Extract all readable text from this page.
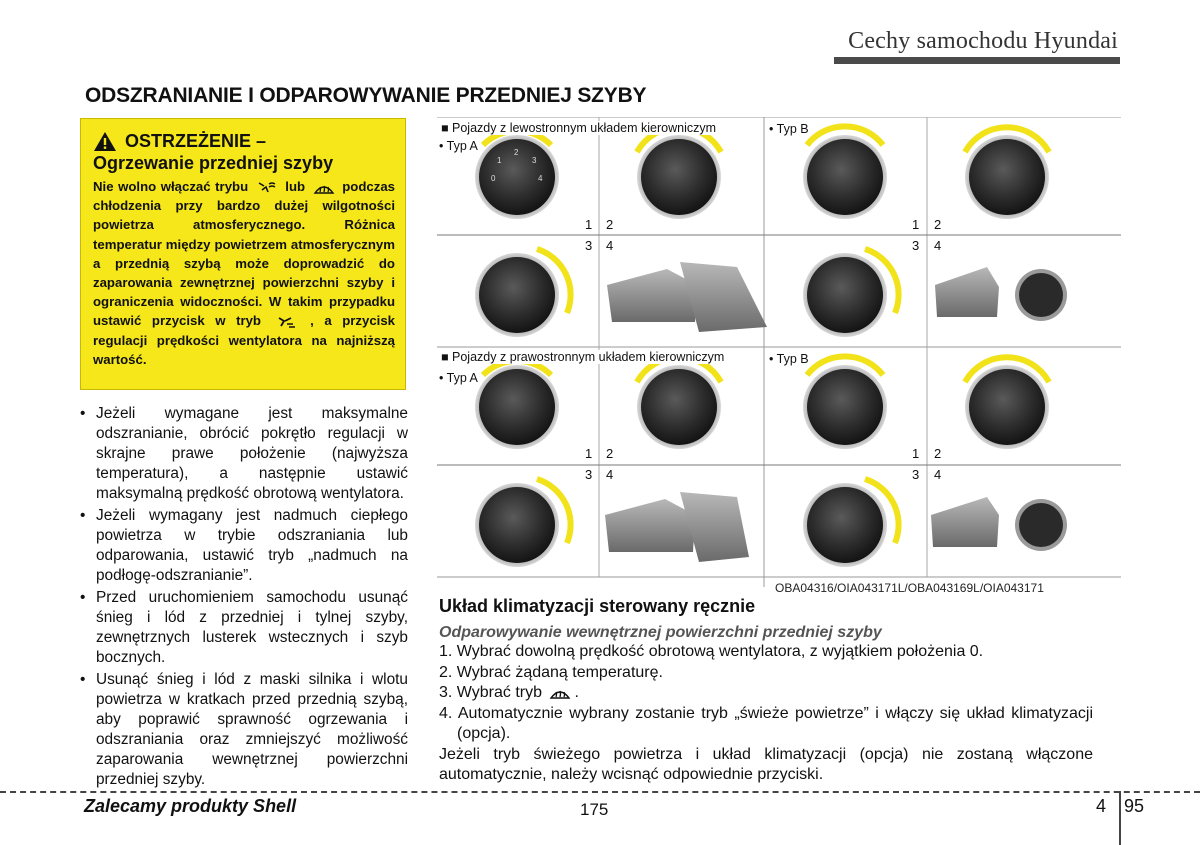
Cechy samochodu Hyundai
ODSZRANIANIE I ODPAROWYWANIE PRZEDNIEJ SZYBY
OSTRZEŻENIE –
Ogrzewanie przedniej szyby
Nie wolno włączać trybu	lub	podczas chłodzenia przy bardzo dużej wilgotności powietrza atmosferycznego. Różnica temperatur między powietrzem atmosferycznym a przednią szybą może doprowadzić do zaparowania zewnętrznej powierzchni szyby i ograniczenia widoczności. W takim przypadku ustawić przycisk w tryb	, a przycisk regulacji prędkości wentylatora na najniższą wartość.
• Jeżeli wymagane jest maksymalne odszranianie, obrócić pokrętło regulacji w skrajne prawe położenie (najwyższa temperatura), a następnie ustawić maksymalną prędkość obrotową wentylatora.
• Jeżeli wymagany jest nadmuch ciepłego powietrza w trybie odszraniania lub odparowania, ustawić tryb „nadmuch na podłogę-odszranianie”.
• Przed uruchomieniem samochodu usunąć śnieg i lód z przedniej i tylnej szyby, zewnętrznych lusterek wstecznych i szyb bocznych.
• Usunąć śnieg i lód z maski silnika i wlotu powietrza w kratkach przed przednią szybą, aby poprawić sprawność ogrzewania i odszraniania oraz zmniejszyć możliwość zaparowania wewnętrznej powierzchni przedniej szyby.
0
1
2
3
4
■ Pojazdy z lewostronnym układem kierowniczym
• Typ A
• Typ B
■ Pojazdy z prawostronnym układem kierowniczym
• Typ A
• Typ B
1 2
3 4
1 2
3 4
1 2
3 4
1 2
3 4
OBA04316/OIA043171L/OBA043169L/OIA043171
Układ klimatyzacji sterowany ręcznie
Odparowywanie wewnętrznej powierzchni przedniej szyby
1. Wybrać dowolną prędkość obrotową wentylatora, z wyjątkiem położenia 0.
2. Wybrać żądaną temperaturę.
3. Wybrać tryb .
4. Automatycznie wybrany zostanie tryb „świeże powietrze” i włączy się układ klimatyzacji (opcja).
Jeżeli tryb świeżego powietrza i układ klimatyzacji (opcja) nie zostaną włączone automatycznie, należy wcisnąć odpowiednie przyciski.
Zalecamy produkty Shell	175	4 95
